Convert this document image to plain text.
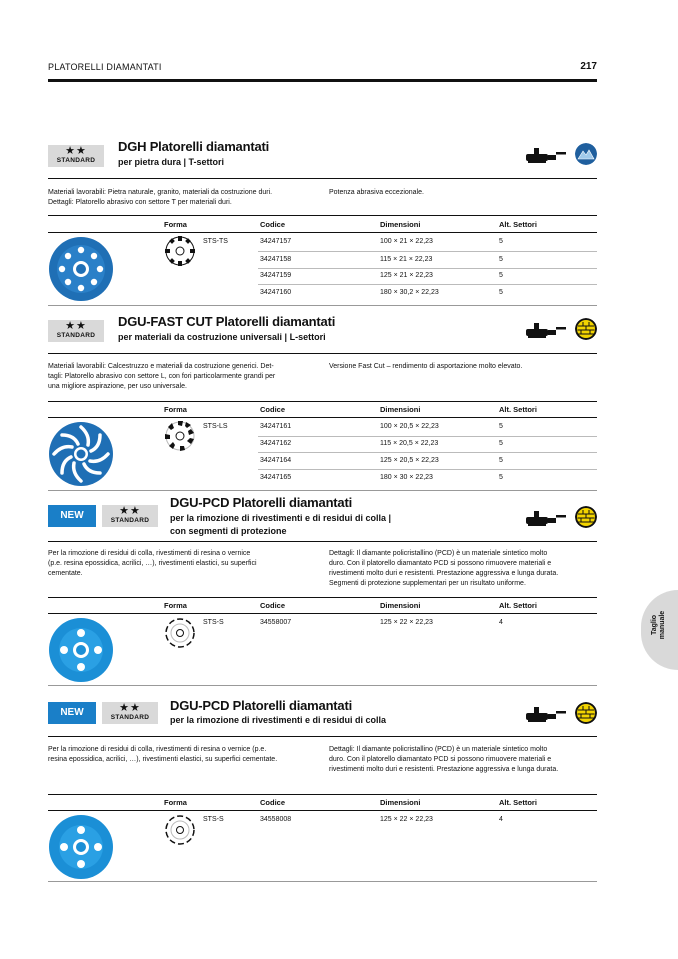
PLATORELLI DIAMANTATI	217
★★
STANDARD
DGH Platorelli diamantati
per pietra dura | T-settori
Materiali lavorabili: Pietra naturale, granito, materiali da costruzione duri.
Dettagli: Platorello abrasivo con settore T per materiali duri.
Potenza abrasiva eccezionale.
Forma	Codice	Dimensioni	Alt. Settori
STS-TS	34247157	100 × 21 × 22,23	5
34247158	115 × 21 × 22,23	5
34247159	125 × 21 × 22,23	5
34247160	180 × 30,2 × 22,23	5
★★
STANDARD
DGU-FAST CUT Platorelli diamantati
per materiali da costruzione universali | L-settori
Materiali lavorabili: Calcestruzzo e materiali da costruzione generici. Det-
tagli: Platorello abrasivo con settore L, con fori particolarmente grandi per
una migliore aspirazione, per uso universale.
Versione Fast Cut – rendimento di asportazione molto elevato.
Forma	Codice	Dimensioni	Alt. Settori
STS-LS	34247161	100 × 20,5 × 22,23	5
34247162	115 × 20,5 × 22,23	5
34247164	125 × 20,5 × 22,23	5
34247165	180 × 30 × 22,23	5
NEW	★★
STANDARD
DGU-PCD Platorelli diamantati
per la rimozione di rivestimenti e di residui di colla |
con segmenti di protezione
Per la rimozione di residui di colla, rivestimenti di resina o vernice
(p.e. resina epossidica, acrilici, …), rivestimenti elastici, su superfici
cementate.
Dettagli: Il diamante policristallino (PCD) è un materiale sintetico molto
duro. Con il platorello diamantato PCD si possono rimuovere materiali e
rivestimenti molto duri e resistenti. Prestazione aggressiva e lunga durata.
Segmenti di protezione supplementari per un risultato uniforme.
Forma	Codice	Dimensioni	Alt. Settori
STS-S	34558007	125 × 22 × 22,23	4
NEW	★★
STANDARD
DGU-PCD Platorelli diamantati
per la rimozione di rivestimenti e di residui di colla
Per la rimozione di residui di colla, rivestimenti di resina o vernice (p.e.
resina epossidica, acrilici, …), rivestimenti elastici, su superfici cementate.
Dettagli: Il diamante policristallino (PCD) è un materiale sintetico molto
duro. Con il platorello diamantato PCD si possono rimuovere materiali e
rivestimenti molto duri e resistenti. Prestazione aggressiva e lunga durata.
Forma	Codice	Dimensioni	Alt. Settori
STS-S	34558008	125 × 22 × 22,23	4
Taglio manuale
